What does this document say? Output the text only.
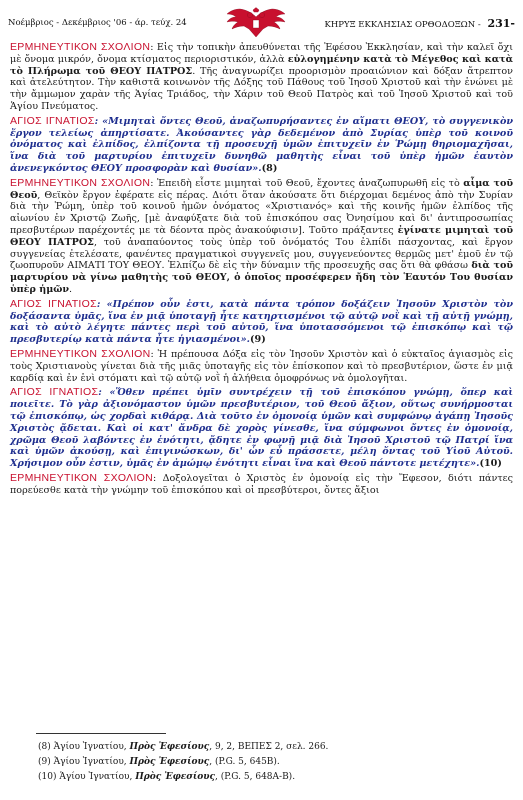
Νοέμβριος - Δεκέμβριος '06 - άρ. τεύχ. 24	ΚΗΡΥΞ ΕΚΚΛΗΣΙΑΣ ΟΡΘΟΔΟΞΩΝ - 231-

ΕΡΜΗΝΕΥΤΙΚΟΝ ΣΧΟΛΙΟΝ: Εἰς τὴν τοπικὴν ἀπευθύνεται τῆς Ἐφέσου Ἐκκλησίαν, καὶ τὴν καλεῖ ὄχι μὲ ὄνομα μικρόν, ὄνομα κτίσματος περιοριστικόν, ἀλλὰ εὐλογημένην κατὰ τὸ Μέγεθος καὶ κατὰ τὸ Πλήρωμα τοῦ ΘΕΟΥ ΠΑΤΡΟΣ. Τῆς ἀναγνωρίζει προορισμὸν προαιώνιον καὶ δόξαν ἄτρεπτον καὶ ἀτελεύτητον. Τὴν καθιστᾶ κοινωνὸν τῆς Δόξης τοῦ Πάθους τοῦ Ἰησοῦ Χριστοῦ καὶ τὴν ἑνώνει μὲ τὴν ἄμμωμον χαρὰν τῆς Ἁγίας Τριάδος, τὴν Χάριν τοῦ Θεοῦ Πατρὸς καὶ τοῦ Ἰησοῦ Χριστοῦ καὶ τοῦ Ἁγίου Πνεύματος.

ΑΓΙΟΣ ΙΓΝΑΤΙΟΣ: «Μιμηταὶ ὄντες Θεοῦ, ἀναζωπυρήσαντες ἐν αἵματι ΘΕΟΥ, τὸ συγγενικὸν ἔργον τελείως ἀπηρτίσατε. Ἀκούσαντες γὰρ δεδεμένον ἀπὸ Συρίας ὑπὲρ τοῦ κοινοῦ ὀνόματος καὶ ἐλπίδος, ἐλπίζοντα τῇ προσευχῇ ὑμῶν ἐπιτυχεῖν ἐν Ῥώμῃ θηριομαχῆσαι, ἵνα διὰ τοῦ μαρτυρίου ἐπιτυχεῖν δυνηθῶ μαθητὴς εἶναι τοῦ ὑπὲρ ἡμῶν ἑαυτὸν ἀνενεγκόντος ΘΕΟΥ προσφορὰν καὶ θυσίαν».(8)

ΕΡΜΗΝΕΥΤΙΚΟΝ ΣΧΟΛΙΟΝ: Ἐπειδὴ εἶστε μιμηταὶ τοῦ Θεοῦ, ἔχοντες ἀναζωπυρωθῆ εἰς τὸ αἷμα τοῦ Θεοῦ, Θεϊκὸν ἔργον ἐφέρατε εἰς πέρας. Διότι ὅταν ἀκούσατε ὅτι διέρχομαι δεμένος ἀπὸ τὴν Συρίαν διὰ τὴν Ῥώμη, ὑπὲρ τοῦ κοινοῦ ἡμῶν ὀνόματος «Χριστιανός» καὶ τῆς κοινῆς ἡμῶν ἐλπίδος τῆς αἰωνίου ἐν Χριστῷ Ζωῆς, [μὲ ἀναφύξατε διὰ τοῦ ἐπισκόπου σας Ὀνησίμου καὶ δι' ἀντιπροσωπίας πρεσβυτέρων παρέχοντές με τὰ δέοντα πρὸς ἀνακούφισιν]. Τοῦτο πράξαντες ἐγίνατε μιμηταὶ τοῦ ΘΕΟΥ ΠΑΤΡΟΣ, τοῦ ἀναπαύοντος τοὺς ὑπὲρ τοῦ ὀνόματός Του ἐλπίδι πάσχοντας, καὶ ἔργον συγγενείας ἐτελέσατε, φανέντες πραγματικοὶ συγγενεῖς μου, συγγενεύοντες θερμῶς μετ' ἐμοῦ ἐν τῷ ζωοπυροῦν ΑΙΜΑΤΙ ΤΟΥ ΘΕΟΥ. Ἐλπίζω δὲ εἰς τὴν δύναμιν τῆς προσευχῆς σας ὅτι θὰ φθάσω διὰ τοῦ μαρτυρίου νὰ γίνω μαθητὴς τοῦ ΘΕΟΥ, ὁ ὁποῖος προσέφερεν ἤδη τὸν Ἑαυτόν Του θυσίαν ὑπὲρ ἡμῶν.

ΑΓΙΟΣ ΙΓΝΑΤΙΟΣ: «Πρέπον οὖν ἐστι, κατὰ πάντα τρόπον δοξάζειν Ἰησοῦν Χριστὸν τὸν δοξάσαντα ὑμᾶς, ἵνα ἐν μιᾷ ὑποταγῇ ἦτε κατηρτισμένοι τῷ αὐτῷ νοῒ καὶ τῇ αὐτῇ γνώμῃ, καὶ τὸ αὐτὸ λέγητε πάντες περὶ τοῦ αὐτοῦ, ἵνα ὑποτασσόμενοι τῷ ἐπισκόπῳ καὶ τῷ πρεσβυτερίῳ κατὰ πάντα ἦτε ἡγιασμένοι».(9)

ΕΡΜΗΝΕΥΤΙΚΟΝ ΣΧΟΛΙΟΝ: Ἡ πρέπουσα Δόξα εἰς τὸν Ἰησοῦν Χριστὸν καὶ ὁ εὐκταῖος ἁγιασμὸς εἰς τοὺς Χριστιανοὺς γίνεται διὰ τῆς μιᾶς ὑποταγῆς εἰς τὸν ἐπίσκοπον καὶ τὸ πρεσβυτέριον, ὥστε ἐν μιᾷ καρδίᾳ καὶ ἐν ἑνὶ στόματι καὶ τῷ αὐτῷ νοῒ ἡ ἀλήθεια ὁμοφρόνως νὰ ὁμολογῆται.

ΑΓΙΟΣ ΙΓΝΑΤΙΟΣ: «Ὅθεν πρέπει ὑμῖν συντρέχειν τῇ τοῦ ἐπισκόπου γνώμῃ, ὅπερ καὶ ποιεῖτε. Τὸ γὰρ ἀξιονόμαστον ὑμῶν πρεσβυτέριον, τοῦ Θεοῦ ἄξιον, οὕτως συνήρμοσται τῷ ἐπισκόπῳ, ὡς χορδαὶ κιθάρᾳ. Διὰ τοῦτο ἐν ὁμονοίᾳ ὑμῶν καὶ συμφώνῳ ἀγάπῃ Ἰησοῦς Χριστὸς ᾄδεται. Καὶ οἱ κατ' ἄνδρα δὲ χορὸς γίνεσθε, ἵνα σύμφωνοι ὄντες ἐν ὁμονοίᾳ, χρῶμα Θεοῦ λαβόντες ἐν ἑνότητι, ᾄδητε ἐν φωνῇ μιᾷ διὰ Ἰησοῦ Χριστοῦ τῷ Πατρί ἵνα καὶ ὑμῶν ἀκούσῃ, καὶ ἐπιγινώσκων, δι' ὧν εὖ πράσσετε, μέλη ὄντας τοῦ Υἱοῦ Αὐτοῦ. Χρήσιμον οὖν ἐστιν, ὑμᾶς ἐν ἀμώμῳ ἑνότητι εἶναι ἵνα καὶ Θεοῦ πάντοτε μετέχητε».(10)

ΕΡΜΗΝΕΥΤΙΚΟΝ ΣΧΟΛΙΟΝ: Δοξολογεῖται ὁ Χριστὸς ἐν ὁμονοίᾳ εἰς τὴν Ἔφεσον, διότι πάντες πορεύεσθε κατὰ τὴν γνώμην τοῦ ἐπισκόπου καὶ οἱ πρεσβύτεροι, ὄντες ἄξιοι

(8) Ἁγίου Ἰγνατίου, Πρὸς Ἐφεσίους, 9, 2, ΒΕΠΕΣ 2, σελ. 266.
(9) Ἁγίου Ἰγνατίου, Πρὸς Ἐφεσίους, (P.G. 5, 645Β).
(10) Ἁγίου Ἰγνατίου, Πρὸς Ἐφεσίους, (P.G. 5, 648Α-Β).
